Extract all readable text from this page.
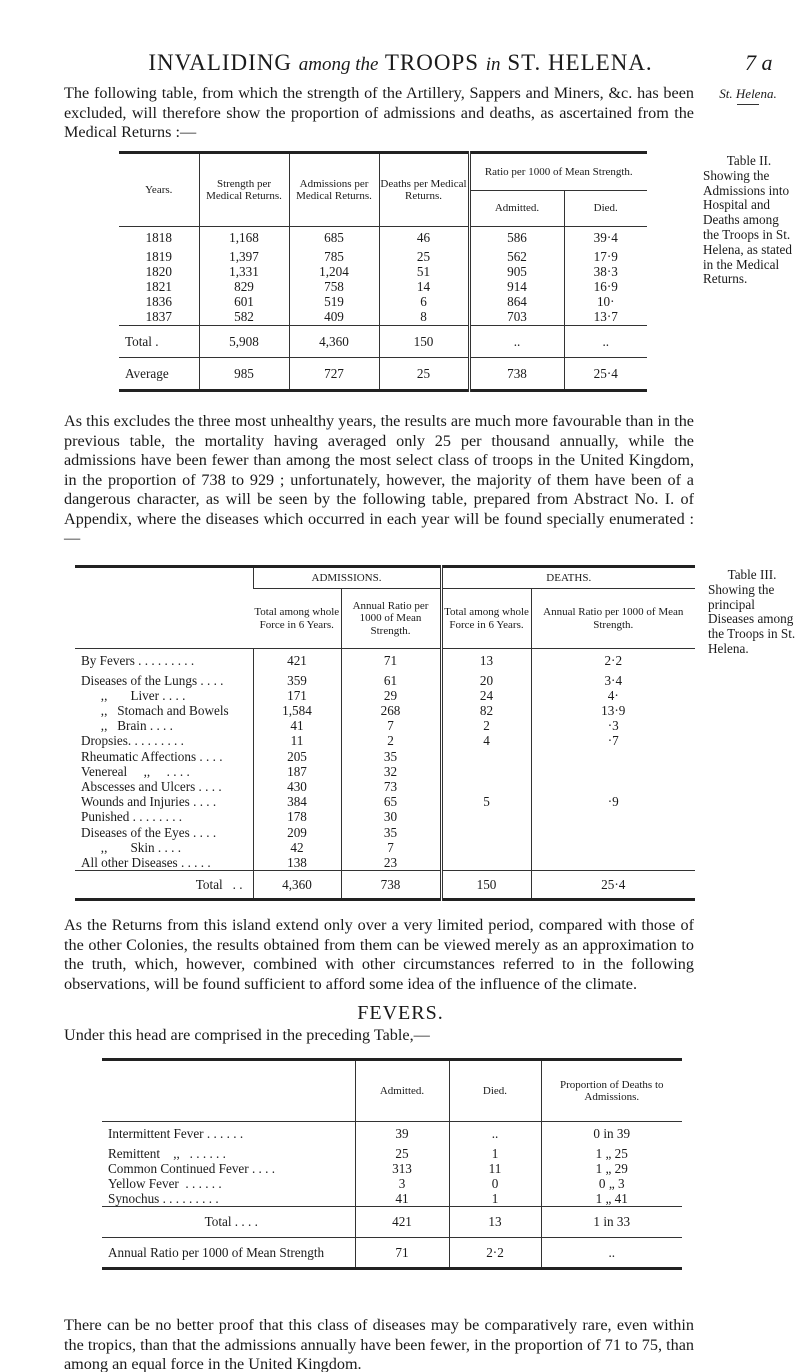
INVALIDING among the TROOPS in ST. HELENA.	7 a
The following table, from which the strength of the Artillery, Sappers and Miners, &c. has been excluded, will therefore show the proportion of admissions and deaths, as ascertained from the Medical Returns :—
St. Helena.
Years.	Strength per Medical Returns.	Admissions per Medical Returns.	Deaths per Medical Returns.	Ratio per 1000 of Mean Strength.	
				Admitted.	Died.
1818	1,168	685	46	586	39·4
1819	1,397	785	25	562	17·9
1820	1,331	1,204	51	905	38·3
1821	829	758	14	914	16·9
1836	601	519	6	864	10·
1837	582	409	8	703	13·7
Total .	5,908	4,360	150	..	..
Average	985	727	25	738	25·4
Table II.
Showing the Admissions into Hospital and Deaths among the Troops in St. Helena, as stated in the Medical Returns.
As this excludes the three most unhealthy years, the results are much more favourable than in the previous table, the mortality having averaged only 25 per thousand annually, while the admissions have been fewer than among the most select class of troops in the United Kingdom, in the proportion of 738 to 929 ; unfortunately, however, the majority of them have been of a dangerous character, as will be seen by the following table, prepared from Abstract No. I. of Appendix, where the diseases which occurred in each year will be found specially enumerated :—
	ADMISSIONS.		DEATHS.	
	Total among whole Force in 6 Years.	Annual Ratio per 1000 of Mean Strength.	Total among whole Force in 6 Years.	Annual Ratio per 1000 of Mean Strength.
By Fevers . . . . . . . . .	421	71	13	2·2
Diseases of the Lungs . . . .	359	61	20	3·4
,,       Liver . . . .	171	29	24	4·
,,   Stomach and Bowels	1,584	268	82	13·9
,,   Brain . . . .	41	7	2	·3
Dropsies. . . . . . . . .	11	2	4	·7
Rheumatic Affections . . . .	205	35		
Venereal     ,,     . . . .	187	32		
Abscesses and Ulcers . . . .	430	73		
Wounds and Injuries . . . .	384	65	5	·9
Punished . . . . . . . .	178	30		
Diseases of the Eyes . . . .	209	35		
,,       Skin . . . .	42	7		
All other Diseases . . . . .	138	23		
Total   . .	4,360	738	150	25·4
Table III.
Showing the principal Diseases among the Troops in St. Helena.
As the Returns from this island extend only over a very limited period, compared with those of the other Colonies, the results obtained from them can be viewed merely as an approximation to the truth, which, however, combined with other circumstances referred to in the following observations, will be found sufficient to afford some idea of the influence of the climate.
FEVERS.
Under this head are comprised in the preceding Table,—
	Admitted.	Died.	Proportion of Deaths to Admissions.
Intermittent Fever . . . . . .	39	..	0 in 39
Remittent    ,,   . . . . . .	25	1	1 „ 25
Common Continued Fever . . . .	313	11	1 „ 29
Yellow Fever  . . . . . .	3	0	0 „ 3
Synochus . . . . . . . . .	41	1	1 „ 41
Total . . . .	421	13	1 in 33
Annual Ratio per 1000 of Mean Strength	71	2·2	..
There can be no better proof that this class of diseases may be comparatively rare, even within the tropics, than that the admissions annually have been fewer, in the proportion of 71 to 75, than among an equal force in the United Kingdom.
